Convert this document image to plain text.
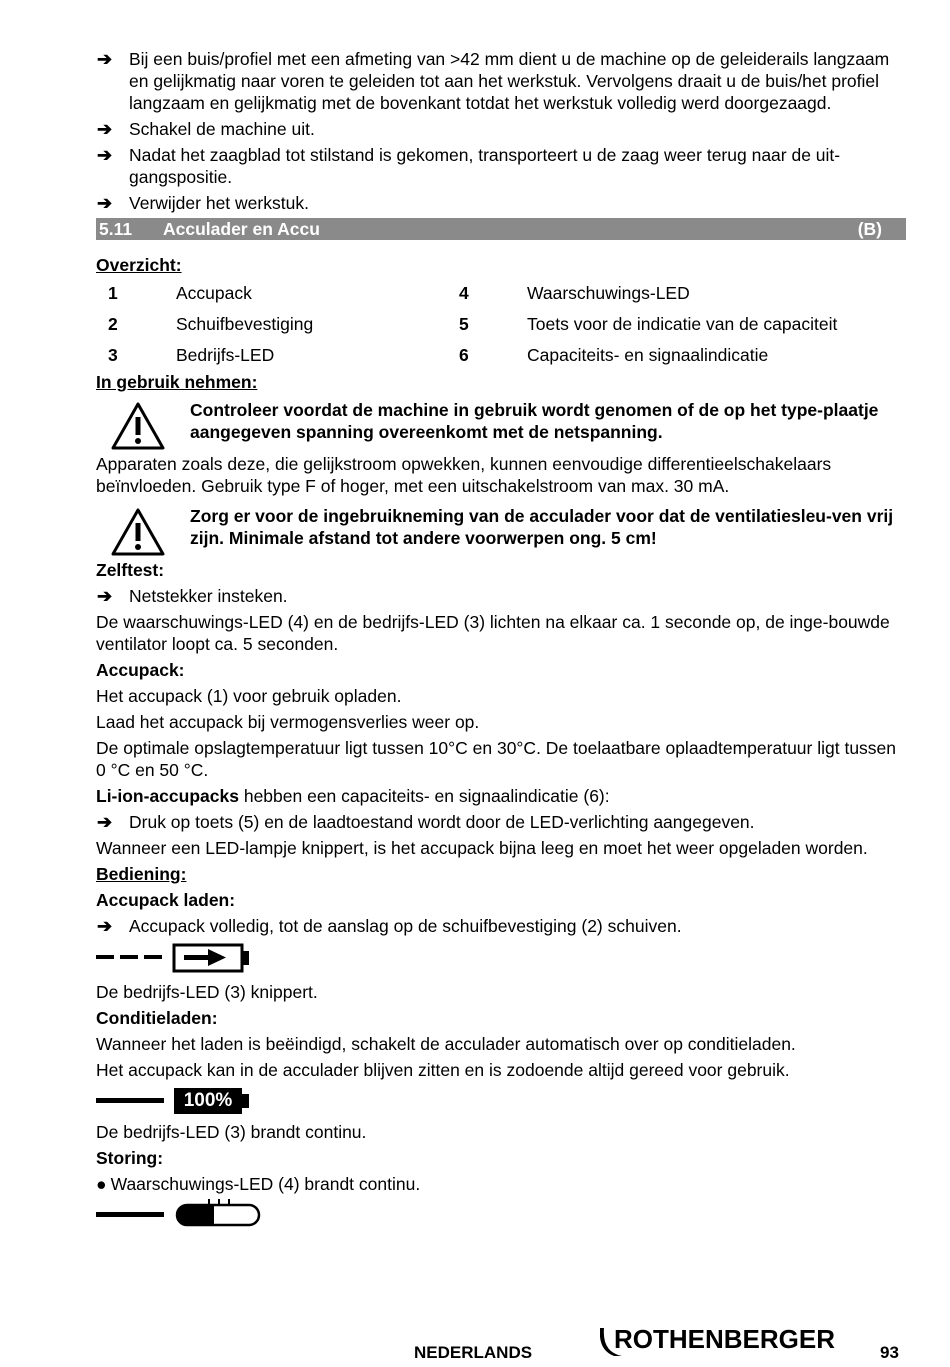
➔ Bij een buis/profiel met een afmeting van >42 mm dient u de machine op de geleiderails langzaam en gelijkmatig naar voren te geleiden tot aan het werkstuk. Vervolgens draait u de buis/het profiel langzaam en gelijkmatig met de bovenkant totdat het werkstuk volledig werd doorgezaagd.
➔ Schakel de machine uit.
➔ Nadat het zaagblad tot stilstand is gekomen, transporteert u de zaag weer terug naar de uit-gangspositie.
➔ Verwijder het werkstuk.
5.11 Acculader en Accu	(B)
Overzicht:
1	Accupack	4	Waarschuwings-LED
2	Schuifbevestiging	5	Toets voor de indicatie van de capaciteit
3	Bedrijfs-LED	6	Capaciteits- en signaalindicatie
In gebruik nehmen:
Controleer voordat de machine in gebruik wordt genomen of de op het type-plaatje aangegeven spanning overeenkomt met de netspanning.

Apparaten zoals deze, die gelijkstroom opwekken, kunnen eenvoudige differentieelschakelaars beïnvloeden. Gebruik type F of hoger, met een uitschakelstroom van max. 30 mA.

Zorg er voor de ingebruikneming van de acculader voor dat de ventilatiesleu-ven vrij zijn. Minimale afstand tot andere voorwerpen ong. 5 cm!
Zelftest:
➔ Netstekker insteken.

De waarschuwings-LED (4) en de bedrijfs-LED (3) lichten na elkaar ca. 1 seconde op, de inge-bouwde ventilator loopt ca. 5 seconden.

Accupack:

Het accupack (1) voor gebruik opladen.

Laad het accupack bij vermogensverlies weer op.

De optimale opslagtemperatuur ligt tussen 10°C en 30°C. De toelaatbare oplaadtemperatuur ligt tussen 0 °C en 50 °C.

Li-ion-accupacks hebben een capaciteits- en signaalindicatie (6):

➔ Druk op toets (5) en de laadtoestand wordt door de LED-verlichting aangegeven.

Wanneer een LED-lampje knippert, is het accupack bijna leeg en moet het weer opgeladen worden.

Bediening:
Accupack laden:
➔ Accupack volledig, tot de aanslag op de schuifbevestiging (2) schuiven.

De bedrijfs-LED (3) knippert.

Conditieladen:

Wanneer het laden is beëindigd, schakelt de acculader automatisch over op conditieladen.

Het accupack kan in de acculader blijven zitten en is zodoende altijd gereed voor gebruik.

100%

De bedrijfs-LED (3) brandt continu.

Storing:

● Waarschuwings-LED (4) brandt continu.

NEDERLANDS	ROTHENBERGER	93
